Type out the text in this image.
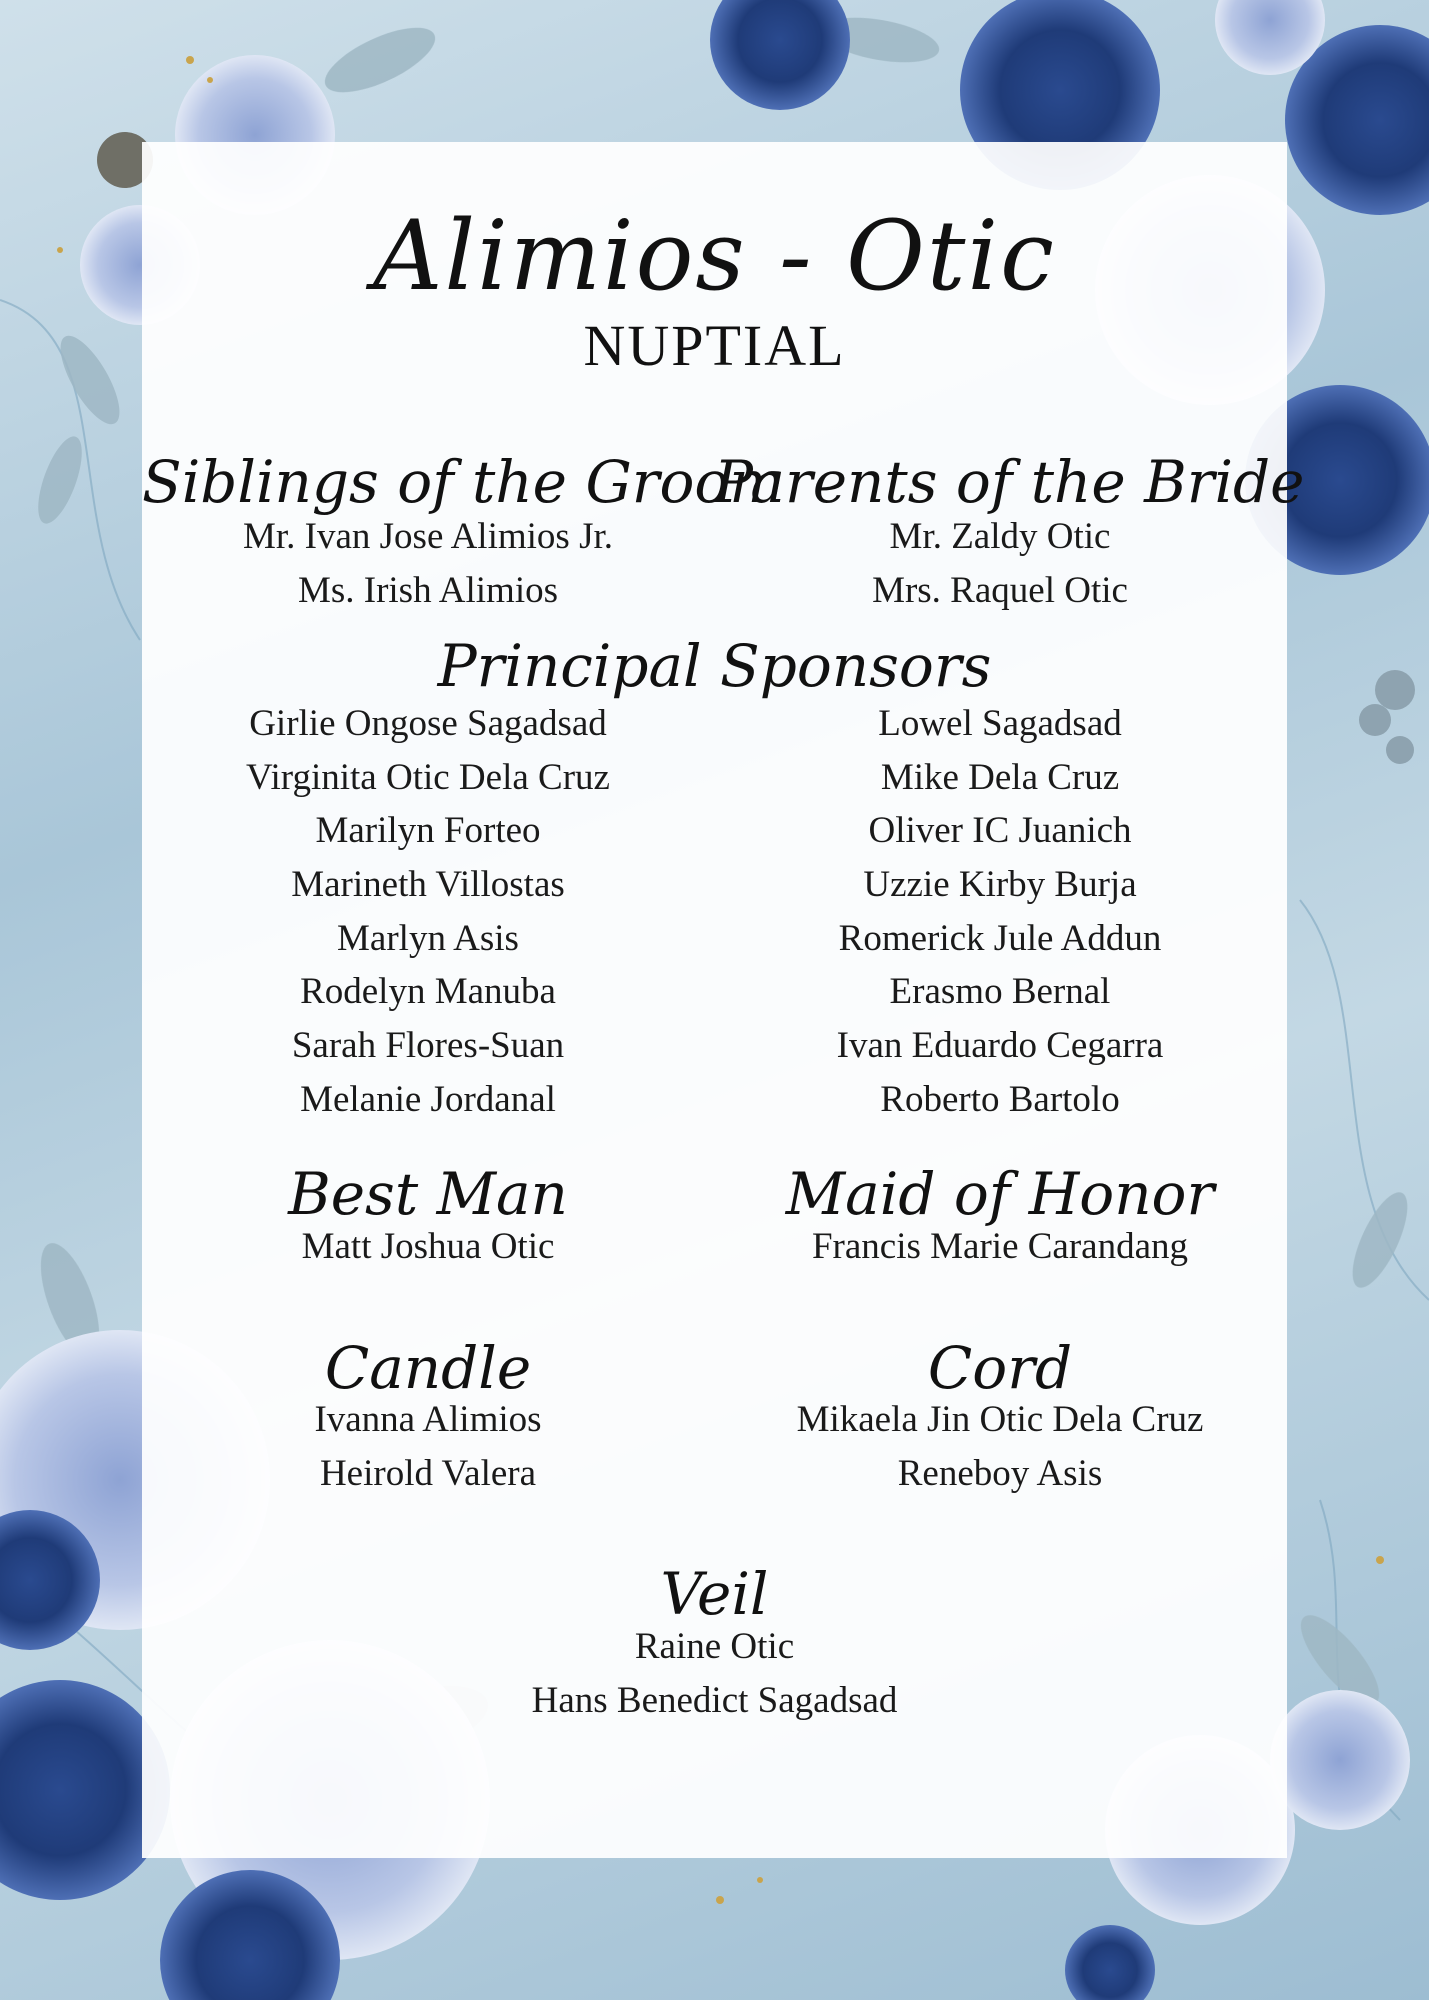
Alimios - Otic
NUPTIAL
Siblings of the Groom
Mr. Ivan Jose Alimios Jr.
Ms. Irish Alimios
Parents of the Bride
Mr. Zaldy Otic
Mrs. Raquel Otic
Principal Sponsors
Girlie Ongose Sagadsad
Virginita Otic Dela Cruz
Marilyn Forteo
Marineth Villostas
Marlyn Asis
Rodelyn Manuba
Sarah Flores-Suan
Melanie Jordanal
Lowel Sagadsad
Mike Dela Cruz
Oliver IC Juanich
Uzzie Kirby Burja
Romerick Jule Addun
Erasmo Bernal
Ivan Eduardo Cegarra
Roberto Bartolo
Best Man
Matt Joshua Otic
Maid of Honor
Francis Marie Carandang
Candle
Ivanna Alimios
Heirold Valera
Cord
Mikaela Jin Otic Dela Cruz
Reneboy Asis
Veil
Raine Otic
Hans Benedict Sagadsad
